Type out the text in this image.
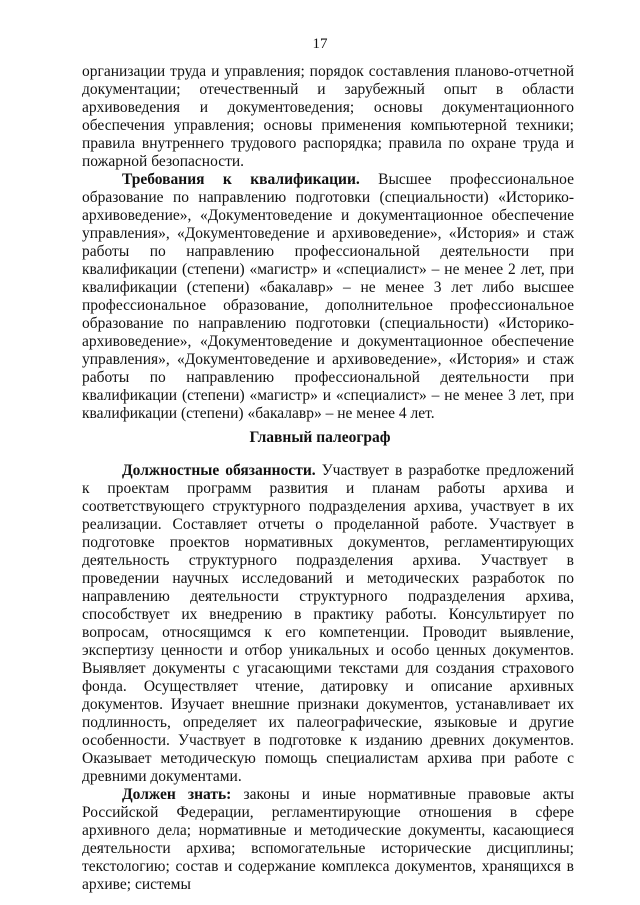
17

организации труда и управления; порядок составления планово-отчетной документации; отечественный и зарубежный опыт в области архивоведения и документоведения; основы документационного обеспечения управления; основы применения компьютерной техники; правила внутреннего трудового распорядка; правила по охране труда и пожарной безопасности.

Требования к квалификации. Высшее профессиональное образование по направлению подготовки (специальности) «Историко-архивоведение», «Документоведение и документационное обеспечение управления», «Документоведение и архивоведение», «История» и стаж работы по направлению профессиональной деятельности при квалификации (степени) «магистр» и «специалист» – не менее 2 лет, при квалификации (степени) «бакалавр» – не менее 3 лет либо высшее профессиональное образование, дополнительное профессиональное образование по направлению подготовки (специальности) «Историко-архивоведение», «Документоведение и документационное обеспечение управления», «Документоведение и архивоведение», «История» и стаж работы по направлению профессиональной деятельности при квалификации (степени) «магистр» и «специалист» – не менее 3 лет, при квалификации (степени) «бакалавр» – не менее 4 лет.

Главный палеограф

Должностные обязанности. Участвует в разработке предложений к проектам программ развития и планам работы архива и соответствующего структурного подразделения архива, участвует в их реализации. Составляет отчеты о проделанной работе. Участвует в подготовке проектов нормативных документов, регламентирующих деятельность структурного подразделения архива. Участвует в проведении научных исследований и методических разработок по направлению деятельности структурного подразделения архива, способствует их внедрению в практику работы. Консультирует по вопросам, относящимся к его компетенции. Проводит выявление, экспертизу ценности и отбор уникальных и особо ценных документов. Выявляет документы с угасающими текстами для создания страхового фонда. Осуществляет чтение, датировку и описание архивных документов. Изучает внешние признаки документов, устанавливает их подлинность, определяет их палеографические, языковые и другие особенности. Участвует в подготовке к изданию древних документов. Оказывает методическую помощь специалистам архива при работе с древними документами.

Должен знать: законы и иные нормативные правовые акты Российской Федерации, регламентирующие отношения в сфере архивного дела; нормативные и методические документы, касающиеся деятельности архива; вспомогательные исторические дисциплины; текстологию; состав и содержание комплекса документов, хранящихся в архиве; системы
